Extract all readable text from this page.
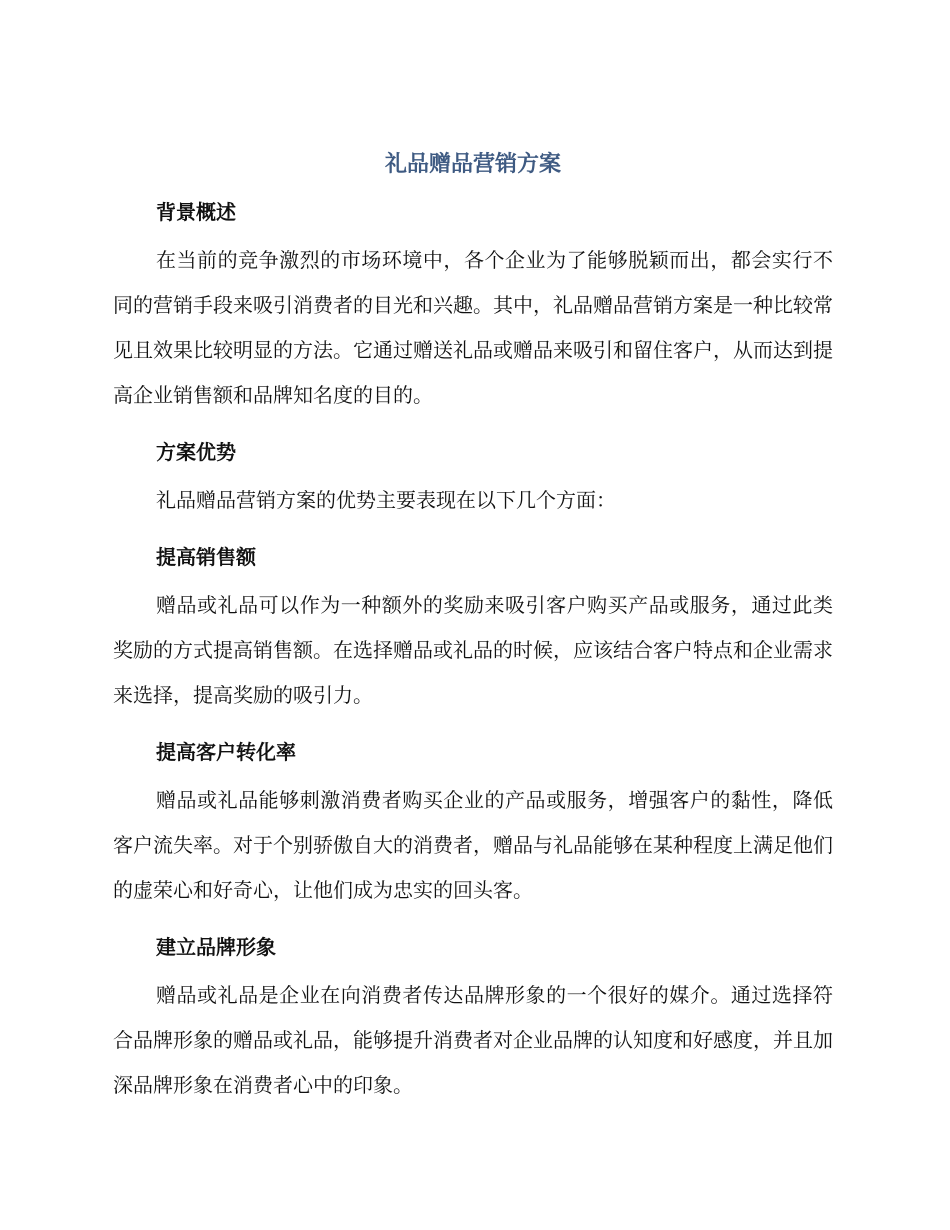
礼品赠品营销方案
背景概述

在当前的竞争激烈的市场环境中，各个企业为了能够脱颖而出，都会实行不同的营销手段来吸引消费者的目光和兴趣。其中，礼品赠品营销方案是一种比较常见且效果比较明显的方法。它通过赠送礼品或赠品来吸引和留住客户，从而达到提高企业销售额和品牌知名度的目的。

方案优势

礼品赠品营销方案的优势主要表现在以下几个方面：

提高销售额

赠品或礼品可以作为一种额外的奖励来吸引客户购买产品或服务，通过此类奖励的方式提高销售额。在选择赠品或礼品的时候，应该结合客户特点和企业需求来选择，提高奖励的吸引力。

提高客户转化率

赠品或礼品能够刺激消费者购买企业的产品或服务，增强客户的黏性，降低客户流失率。对于个别骄傲自大的消费者，赠品与礼品能够在某种程度上满足他们的虚荣心和好奇心，让他们成为忠实的回头客。

建立品牌形象

赠品或礼品是企业在向消费者传达品牌形象的一个很好的媒介。通过选择符合品牌形象的赠品或礼品，能够提升消费者对企业品牌的认知度和好感度，并且加深品牌形象在消费者心中的印象。
